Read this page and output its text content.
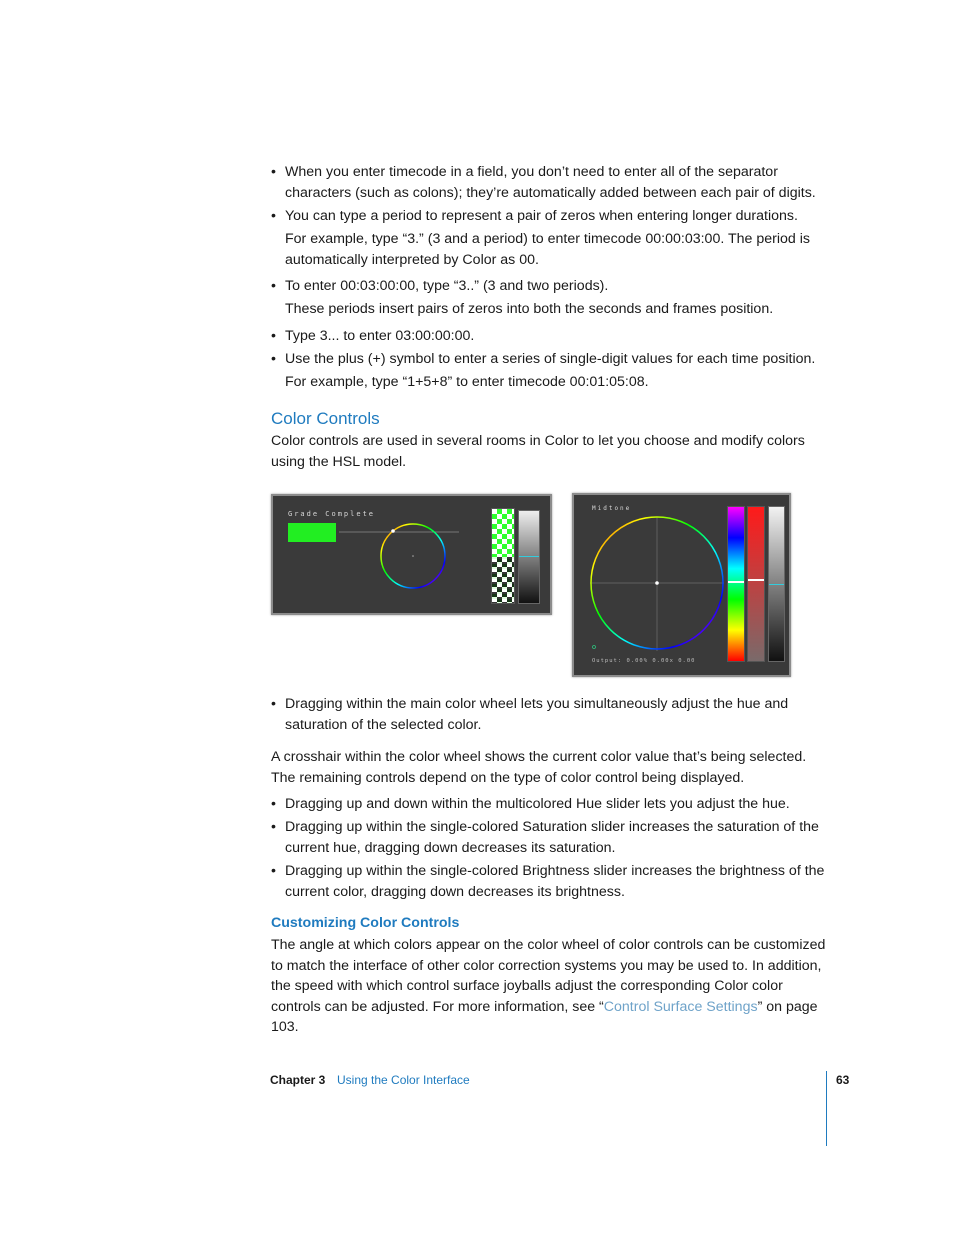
• When you enter timecode in a field, you don’t need to enter all of the separator characters (such as colons); they’re automatically added between each pair of digits.
• You can type a period to represent a pair of zeros when entering longer durations.
For example, type “3.” (3 and a period) to enter timecode 00:00:03:00. The period is automatically interpreted by Color as 00.
• To enter 00:03:00:00, type “3..” (3 and two periods).
These periods insert pairs of zeros into both the seconds and frames position.
• Type 3... to enter 03:00:00:00.
• Use the plus (+) symbol to enter a series of single-digit values for each time position.
For example, type “1+5+8” to enter timecode 00:01:05:08.
Color Controls

Color controls are used in several rooms in Color to let you choose and modify colors using the HSL model.

Grade Complete
Midtone
Output: 0.00% 0.00x 0.00
• Dragging within the main color wheel lets you simultaneously adjust the hue and saturation of the selected color.

A crosshair within the color wheel shows the current color value that’s being selected. The remaining controls depend on the type of color control being displayed.

• Dragging up and down within the multicolored Hue slider lets you adjust the hue.
• Dragging up within the single-colored Saturation slider increases the saturation of the current hue, dragging down decreases its saturation.
• Dragging up within the single-colored Brightness slider increases the brightness of the current color, dragging down decreases its brightness.
Customizing Color Controls

The angle at which colors appear on the color wheel of color controls can be customized to match the interface of other color correction systems you may be used to. In addition, the speed with which control surface joyballs adjust the corresponding Color color controls can be adjusted. For more information, see “Control Surface Settings” on page 103.

Chapter 3 Using the Color Interface	63
